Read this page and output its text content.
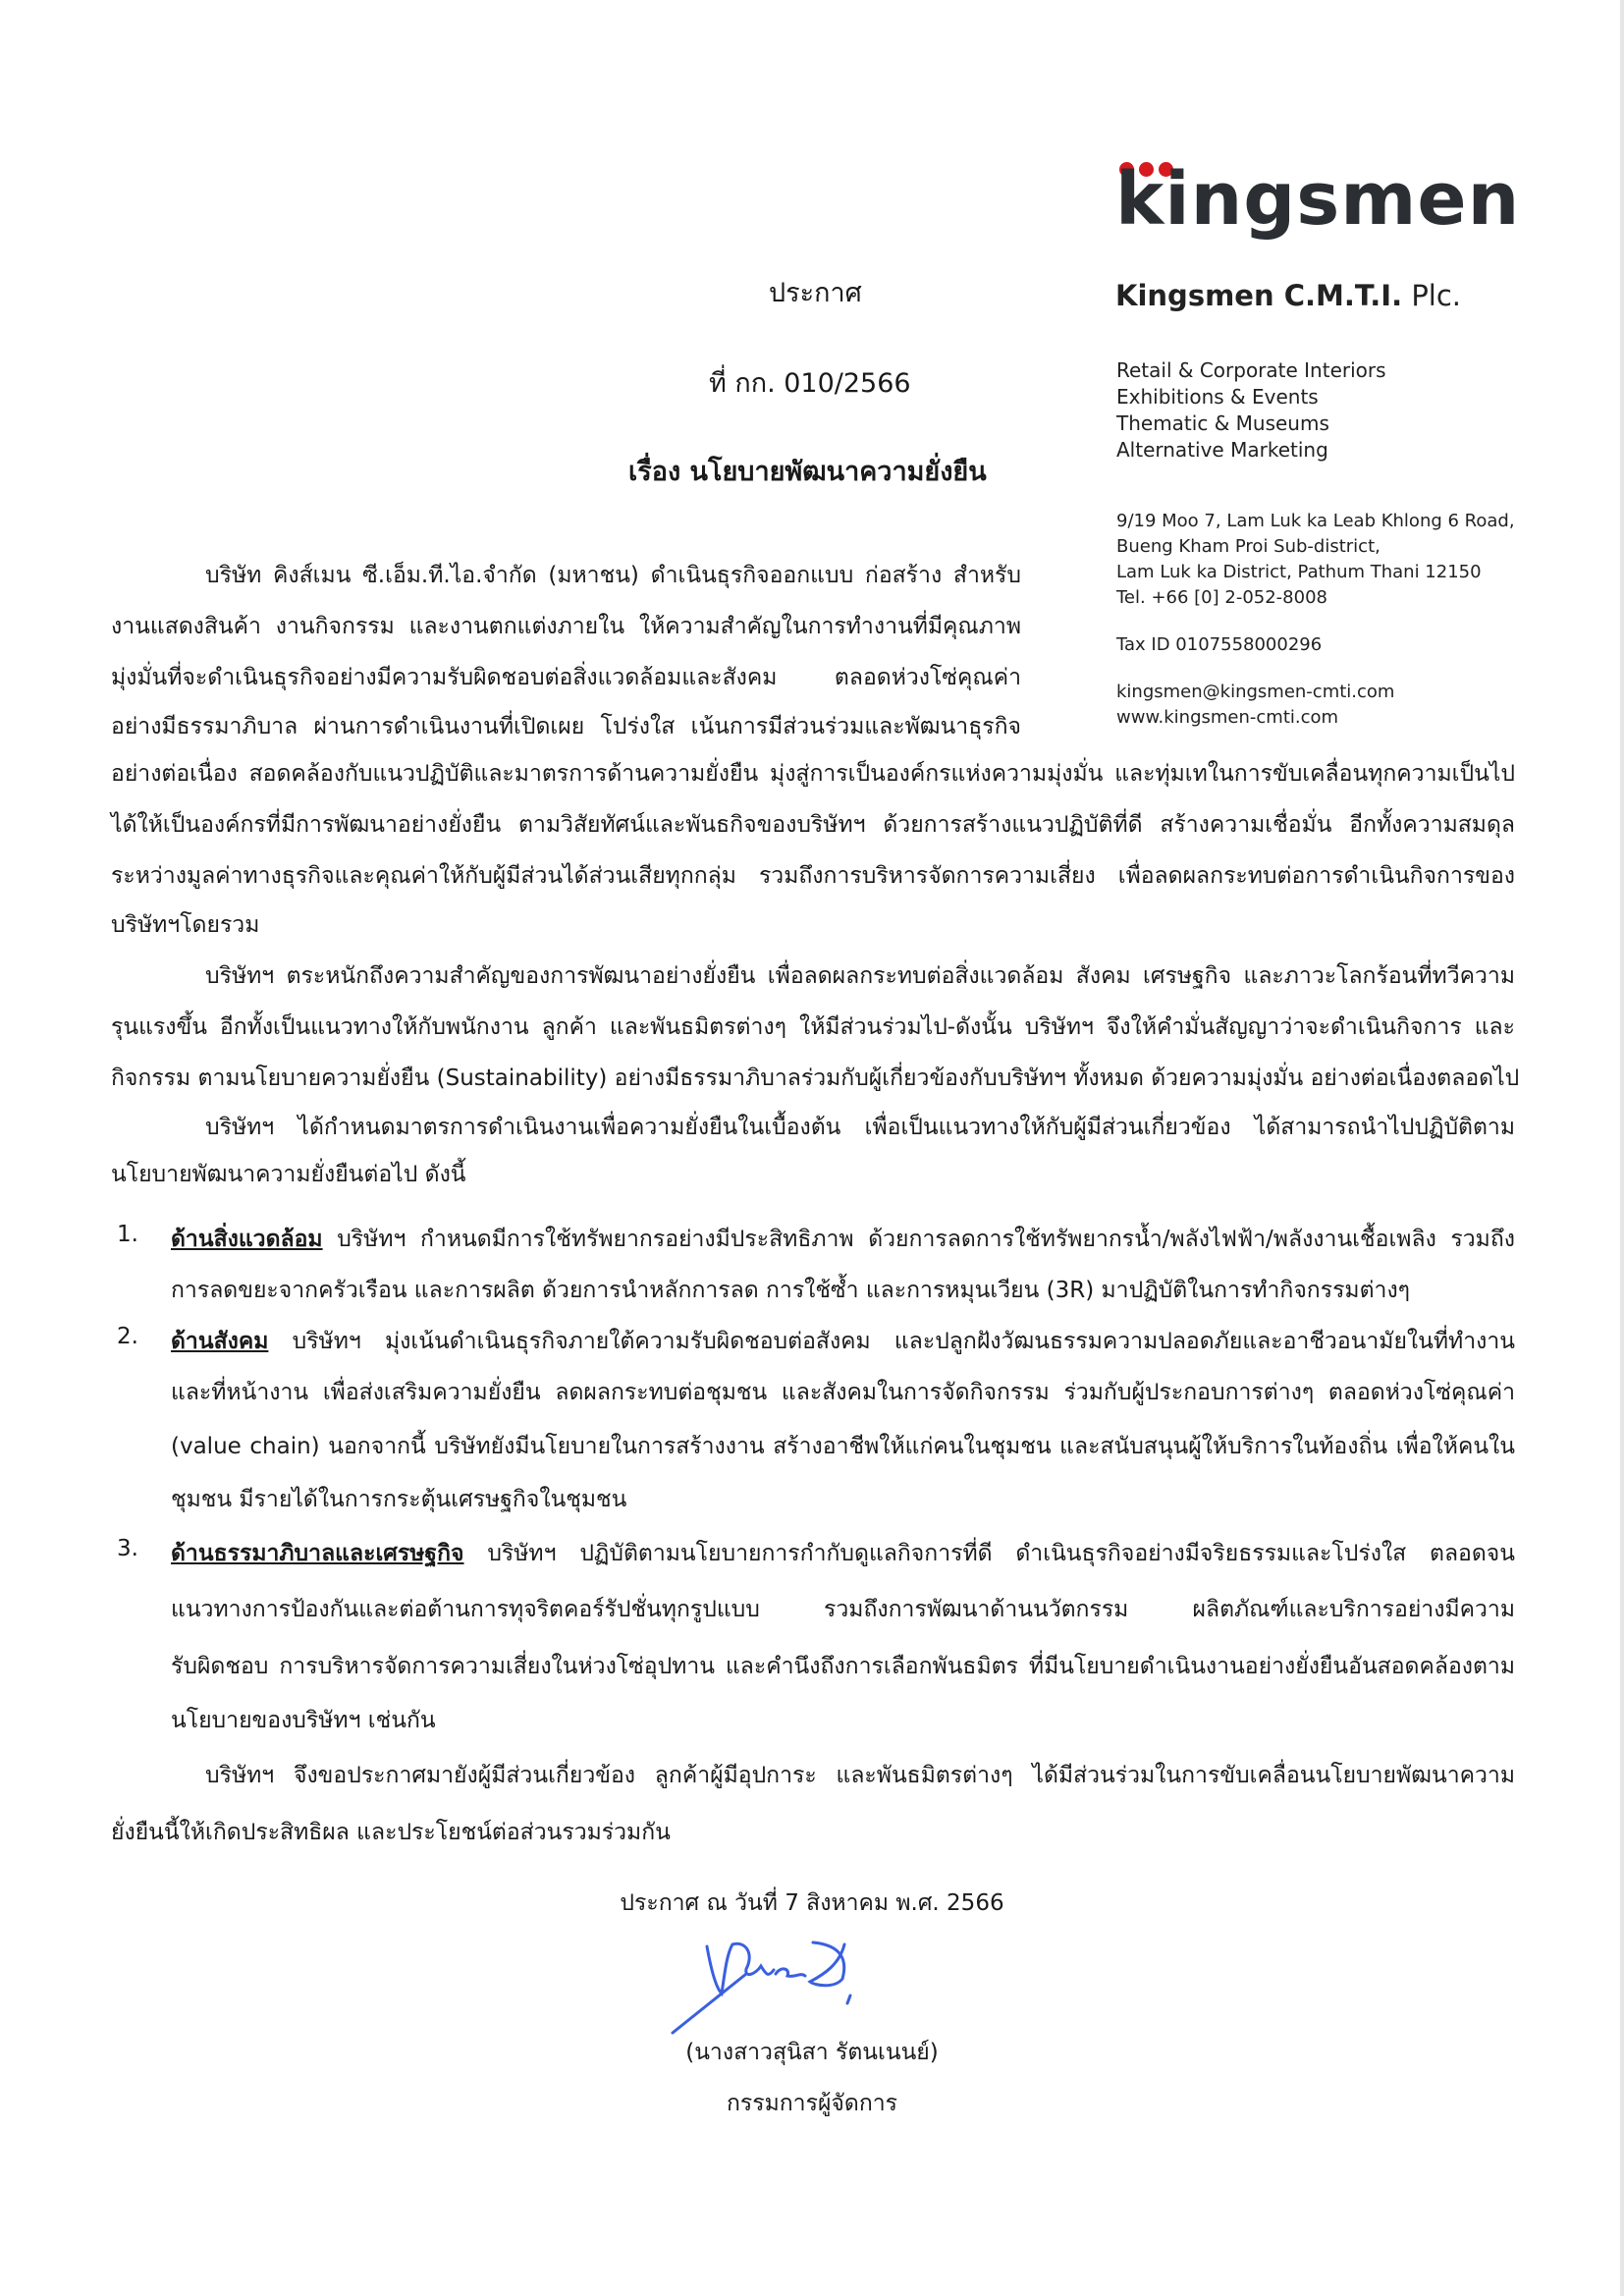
kingsmen
Kingsmen C.M.T.I. Plc.
Retail & Corporate Interiors
Exhibitions & Events
Thematic & Museums
Alternative Marketing
9/19 Moo 7, Lam Luk ka Leab Khlong 6 Road,
Bueng Kham Proi Sub-district,
Lam Luk ka District, Pathum Thani 12150
Tel. +66 [0] 2-052-8008
Tax ID 0107558000296
kingsmen@kingsmen-cmti.com
www.kingsmen-cmti.com
ประกาศ
ที่ กก. 010/2566
เรื่อง นโยบายพัฒนาความยั่งยืน
บริษัท คิงส์เมน ซี.เอ็ม.ที.ไอ.จำกัด (มหาชน) ดำเนินธุรกิจออกแบบ ก่อสร้าง สำหรับ
งานแสดงสินค้า งานกิจกรรม และงานตกแต่งภายใน ให้ความสำคัญในการทำงานที่มีคุณภาพ
มุ่งมั่นที่จะดำเนินธุรกิจอย่างมีความรับผิดชอบต่อสิ่งแวดล้อมและสังคม ตลอดห่วงโซ่คุณค่า
อย่างมีธรรมาภิบาล ผ่านการดำเนินงานที่เปิดเผย โปร่งใส เน้นการมีส่วนร่วมและพัฒนาธุรกิจ
อย่างต่อเนื่อง สอดคล้องกับแนวปฏิบัติและมาตรการด้านความยั่งยืน มุ่งสู่การเป็นองค์กรแห่งความมุ่งมั่น และทุ่มเทในการขับเคลื่อนทุกความเป็นไป
ได้ให้เป็นองค์กรที่มีการพัฒนาอย่างยั่งยืน ตามวิสัยทัศน์และพันธกิจของบริษัทฯ ด้วยการสร้างแนวปฏิบัติที่ดี สร้างความเชื่อมั่น อีกทั้งความสมดุล
ระหว่างมูลค่าทางธุรกิจและคุณค่าให้กับผู้มีส่วนได้ส่วนเสียทุกกลุ่ม รวมถึงการบริหารจัดการความเสี่ยง เพื่อลดผลกระทบต่อการดำเนินกิจการของ
บริษัทฯโดยรวม
บริษัทฯ ตระหนักถึงความสำคัญของการพัฒนาอย่างยั่งยืน เพื่อลดผลกระทบต่อสิ่งแวดล้อม สังคม เศรษฐกิจ และภาวะโลกร้อนที่ทวีความ
รุนแรงขึ้น อีกทั้งเป็นแนวทางให้กับพนักงาน ลูกค้า และพันธมิตรต่างๆ ให้มีส่วนร่วมไป-ดังนั้น บริษัทฯ จึงให้คำมั่นสัญญาว่าจะดำเนินกิจการ และ
กิจกรรม ตามนโยบายความยั่งยืน (Sustainability) อย่างมีธรรมาภิบาลร่วมกับผู้เกี่ยวข้องกับบริษัทฯ ทั้งหมด ด้วยความมุ่งมั่น อย่างต่อเนื่องตลอดไป
บริษัทฯ ได้กำหนดมาตรการดำเนินงานเพื่อความยั่งยืนในเบื้องต้น เพื่อเป็นแนวทางให้กับผู้มีส่วนเกี่ยวข้อง ได้สามารถนำไปปฏิบัติตาม
นโยบายพัฒนาความยั่งยืนต่อไป ดังนี้
1. ด้านสิ่งแวดล้อม บริษัทฯ กำหนดมีการใช้ทรัพยากรอย่างมีประสิทธิภาพ ด้วยการลดการใช้ทรัพยากรน้ำ/พลังไฟฟ้า/พลังงานเชื้อเพลิง รวมถึง
การลดขยะจากครัวเรือน และการผลิต ด้วยการนำหลักการลด การใช้ซ้ำ และการหมุนเวียน (3R) มาปฏิบัติในการทำกิจกรรมต่างๆ
2. ด้านสังคม บริษัทฯ มุ่งเน้นดำเนินธุรกิจภายใต้ความรับผิดชอบต่อสังคม และปลูกฝังวัฒนธรรมความปลอดภัยและอาชีวอนามัยในที่ทำงาน
และที่หน้างาน เพื่อส่งเสริมความยั่งยืน ลดผลกระทบต่อชุมชน และสังคมในการจัดกิจกรรม ร่วมกับผู้ประกอบการต่างๆ ตลอดห่วงโซ่คุณค่า
(value chain) นอกจากนี้ บริษัทยังมีนโยบายในการสร้างงาน สร้างอาชีพให้แก่คนในชุมชน และสนับสนุนผู้ให้บริการในท้องถิ่น เพื่อให้คนใน
ชุมชน มีรายได้ในการกระตุ้นเศรษฐกิจในชุมชน
3. ด้านธรรมาภิบาลและเศรษฐกิจ บริษัทฯ ปฏิบัติตามนโยบายการกำกับดูแลกิจการที่ดี ดำเนินธุรกิจอย่างมีจริยธรรมและโปร่งใส ตลอดจน
แนวทางการป้องกันและต่อต้านการทุจริตคอร์รัปชั่นทุกรูปแบบ รวมถึงการพัฒนาด้านนวัตกรรม ผลิตภัณฑ์และบริการอย่างมีความ
รับผิดชอบ การบริหารจัดการความเสี่ยงในห่วงโซ่อุปทาน และคำนึงถึงการเลือกพันธมิตร ที่มีนโยบายดำเนินงานอย่างยั่งยืนอันสอดคล้องตาม
นโยบายของบริษัทฯ เช่นกัน
บริษัทฯ จึงขอประกาศมายังผู้มีส่วนเกี่ยวข้อง ลูกค้าผู้มีอุปการะ และพันธมิตรต่างๆ ได้มีส่วนร่วมในการขับเคลื่อนนโยบายพัฒนาความ
ยั่งยืนนี้ให้เกิดประสิทธิผล และประโยชน์ต่อส่วนรวมร่วมกัน
ประกาศ ณ วันที่ 7 สิงหาคม พ.ศ. 2566
(นางสาวสุนิสา รัตนเนนย์)
กรรมการผู้จัดการ
